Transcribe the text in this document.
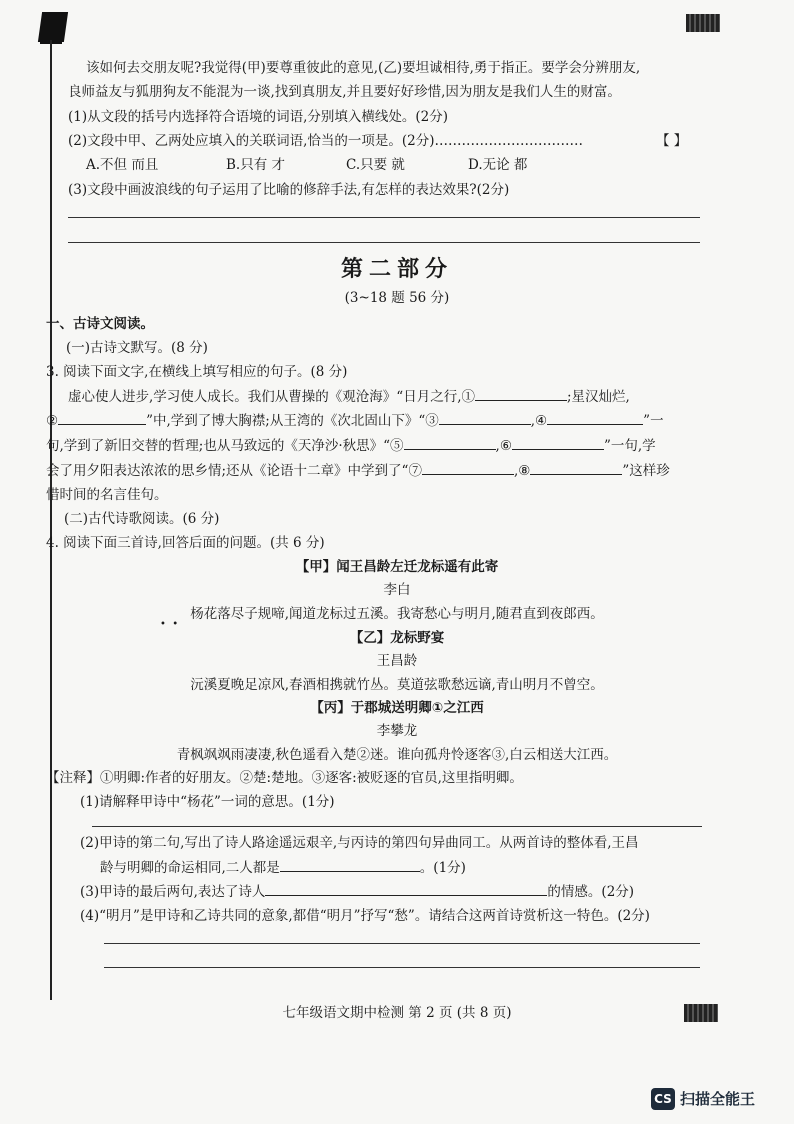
该如何去交朋友呢?我觉得(甲)要尊重彼此的意见,(乙)要坦诚相待,勇于指正。要学会分辨朋友,
良师益友与狐朋狗友不能混为一谈,找到真朋友,并且要好好珍惜,因为朋友是我们人生的财富。
(1)从文段的括号内选择符合语境的词语,分别填入横线处。(2分)
(2)文段中甲、乙两处应填入的关联词语,恰当的一项是。(2分)……………………………	【 】
A.不但 而且	B.只有 才	C.只要 就	D.无论 都
(3)文段中画波浪线的句子运用了比喻的修辞手法,有怎样的表达效果?(2分)
第二部分
(3~18 题 56 分)
一、古诗文阅读。
(一)古诗文默写。(8 分)
3. 阅读下面文字,在横线上填写相应的句子。(8 分)
虚心使人进步,学习使人成长。我们从曹操的《观沧海》“日月之行,①	;星汉灿烂,
②	”中,学到了博大胸襟;从王湾的《次北固山下》“③	,④	”一
句,学到了新旧交替的哲理;也从马致远的《天净沙·秋思》“⑤	,⑥	”一句,学
会了用夕阳表达浓浓的思乡情;还从《论语十二章》中学到了“⑦	,⑧	”这样珍
惜时间的名言佳句。
(二)古代诗歌阅读。(6 分)
4. 阅读下面三首诗,回答后面的问题。(共 6 分)
【甲】闻王昌龄左迁龙标遥有此寄
李白
杨花落尽子规啼,闻道龙标过五溪。我寄愁心与明月,随君直到夜郎西。
•  •
【乙】龙标野宴
王昌龄
沅溪夏晚足凉风,春酒相携就竹丛。莫道弦歌愁远谪,青山明月不曾空。
【丙】于郡城送明卿①之江西
李攀龙
青枫飒飒雨凄凄,秋色遥看入楚②迷。谁向孤舟怜逐客③,白云相送大江西。
【注释】①明卿:作者的好朋友。②楚:楚地。③逐客:被贬逐的官员,这里指明卿。
(1)请解释甲诗中“杨花”一词的意思。(1分)
(2)甲诗的第二句,写出了诗人路途遥远艰辛,与丙诗的第四句异曲同工。从两首诗的整体看,王昌
龄与明卿的命运相同,二人都是	。(1分)
(3)甲诗的最后两句,表达了诗人	的情感。(2分)
(4)“明月”是甲诗和乙诗共同的意象,都借“明月”抒写“愁”。请结合这两首诗赏析这一特色。(2分)
七年级语文期中检测 第 2 页 (共 8 页)
CS 扫描全能王
